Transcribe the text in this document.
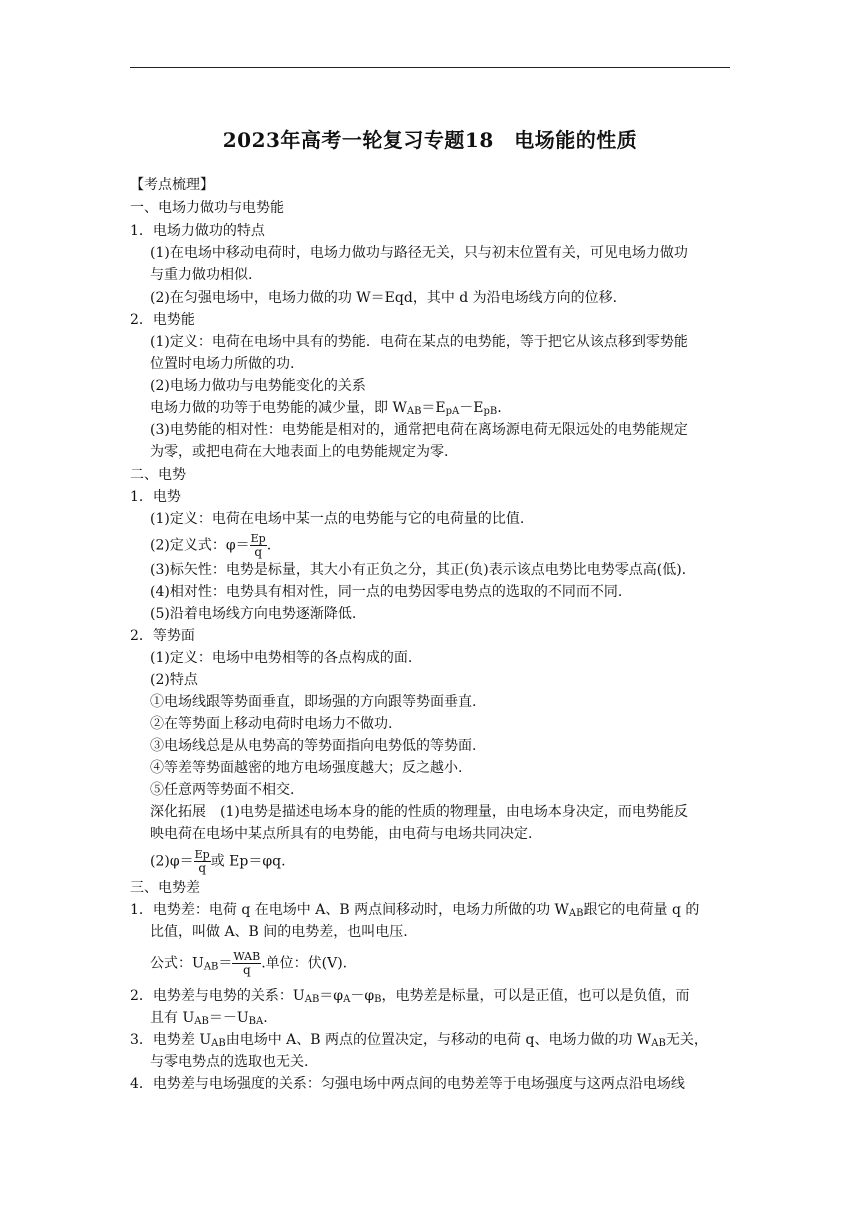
2023年高考一轮复习专题18　电场能的性质
【考点梳理】
一、电场力做功与电势能
1．电场力做功的特点
(1)在电场中移动电荷时，电场力做功与路径无关，只与初末位置有关，可见电场力做功
与重力做功相似.
(2)在匀强电场中，电场力做的功 W＝Eqd，其中 d 为沿电场线方向的位移.
2．电势能
(1)定义：电荷在电场中具有的势能．电荷在某点的电势能，等于把它从该点移到零势能
位置时电场力所做的功.
(2)电场力做功与电势能变化的关系
电场力做的功等于电势能的减少量，即 $W_{AB}=E_{pA}-E_{pB}$.
(3)电势能的相对性：电势能是相对的，通常把电荷在离场源电荷无限远处的电势能规定
为零，或把电荷在大地表面上的电势能规定为零.
二、电势
1．电势
(1)定义：电荷在电场中某一点的电势能与它的电荷量的比值.
(2)定义式：$\varphi= \frac{Ep}{q}$ .
(3)标矢性：电势是标量，其大小有正负之分，其正(负)表示该点电势比电势零点高(低).
(4)相对性：电势具有相对性，同一点的电势因零电势点的选取的不同而不同.
(5)沿着电场线方向电势逐渐降低.
2．等势面
(1)定义：电场中电势相等的各点构成的面.
(2)特点
①电场线跟等势面垂直，即场强的方向跟等势面垂直.
②在等势面上移动电荷时电场力不做功.
③电场线总是从电势高的等势面指向电势低的等势面.
④等差等势面越密的地方电场强度越大；反之越小.
⑤任意两等势面不相交.
深化拓展　(1)电势是描述电场本身的能的性质的物理量，由电场本身决定，而电势能反
映电荷在电场中某点所具有的电势能，由电荷与电场共同决定.
$(2)\varphi= \frac{Ep}{q}$ 或 Ep＝φq.
三、电势差
1．电势差：电荷 q 在电场中 A、B 两点间移动时，电场力所做的功 $W_{AB}$跟它的电荷量 q 的
比值，叫做 A、B 间的电势差，也叫电压.
公式：$U_{AB}= \frac{\text{WAB}}{q}$ .单位：伏(V).
2．电势差与电势的关系：$U_{AB}=\varphi_A-\varphi_B$，电势差是标量，可以是正值，也可以是负值，而
且有 $U_{AB}=-U_{BA}$.
3．电势差 $U_{AB}$由电场中 A、B 两点的位置决定，与移动的电荷 q、电场力做的功 $W_{AB}$无关，
与零电势点的选取也无关.
4．电势差与电场强度的关系：匀强电场中两点间的电势差等于电场强度与这两点沿电场线
